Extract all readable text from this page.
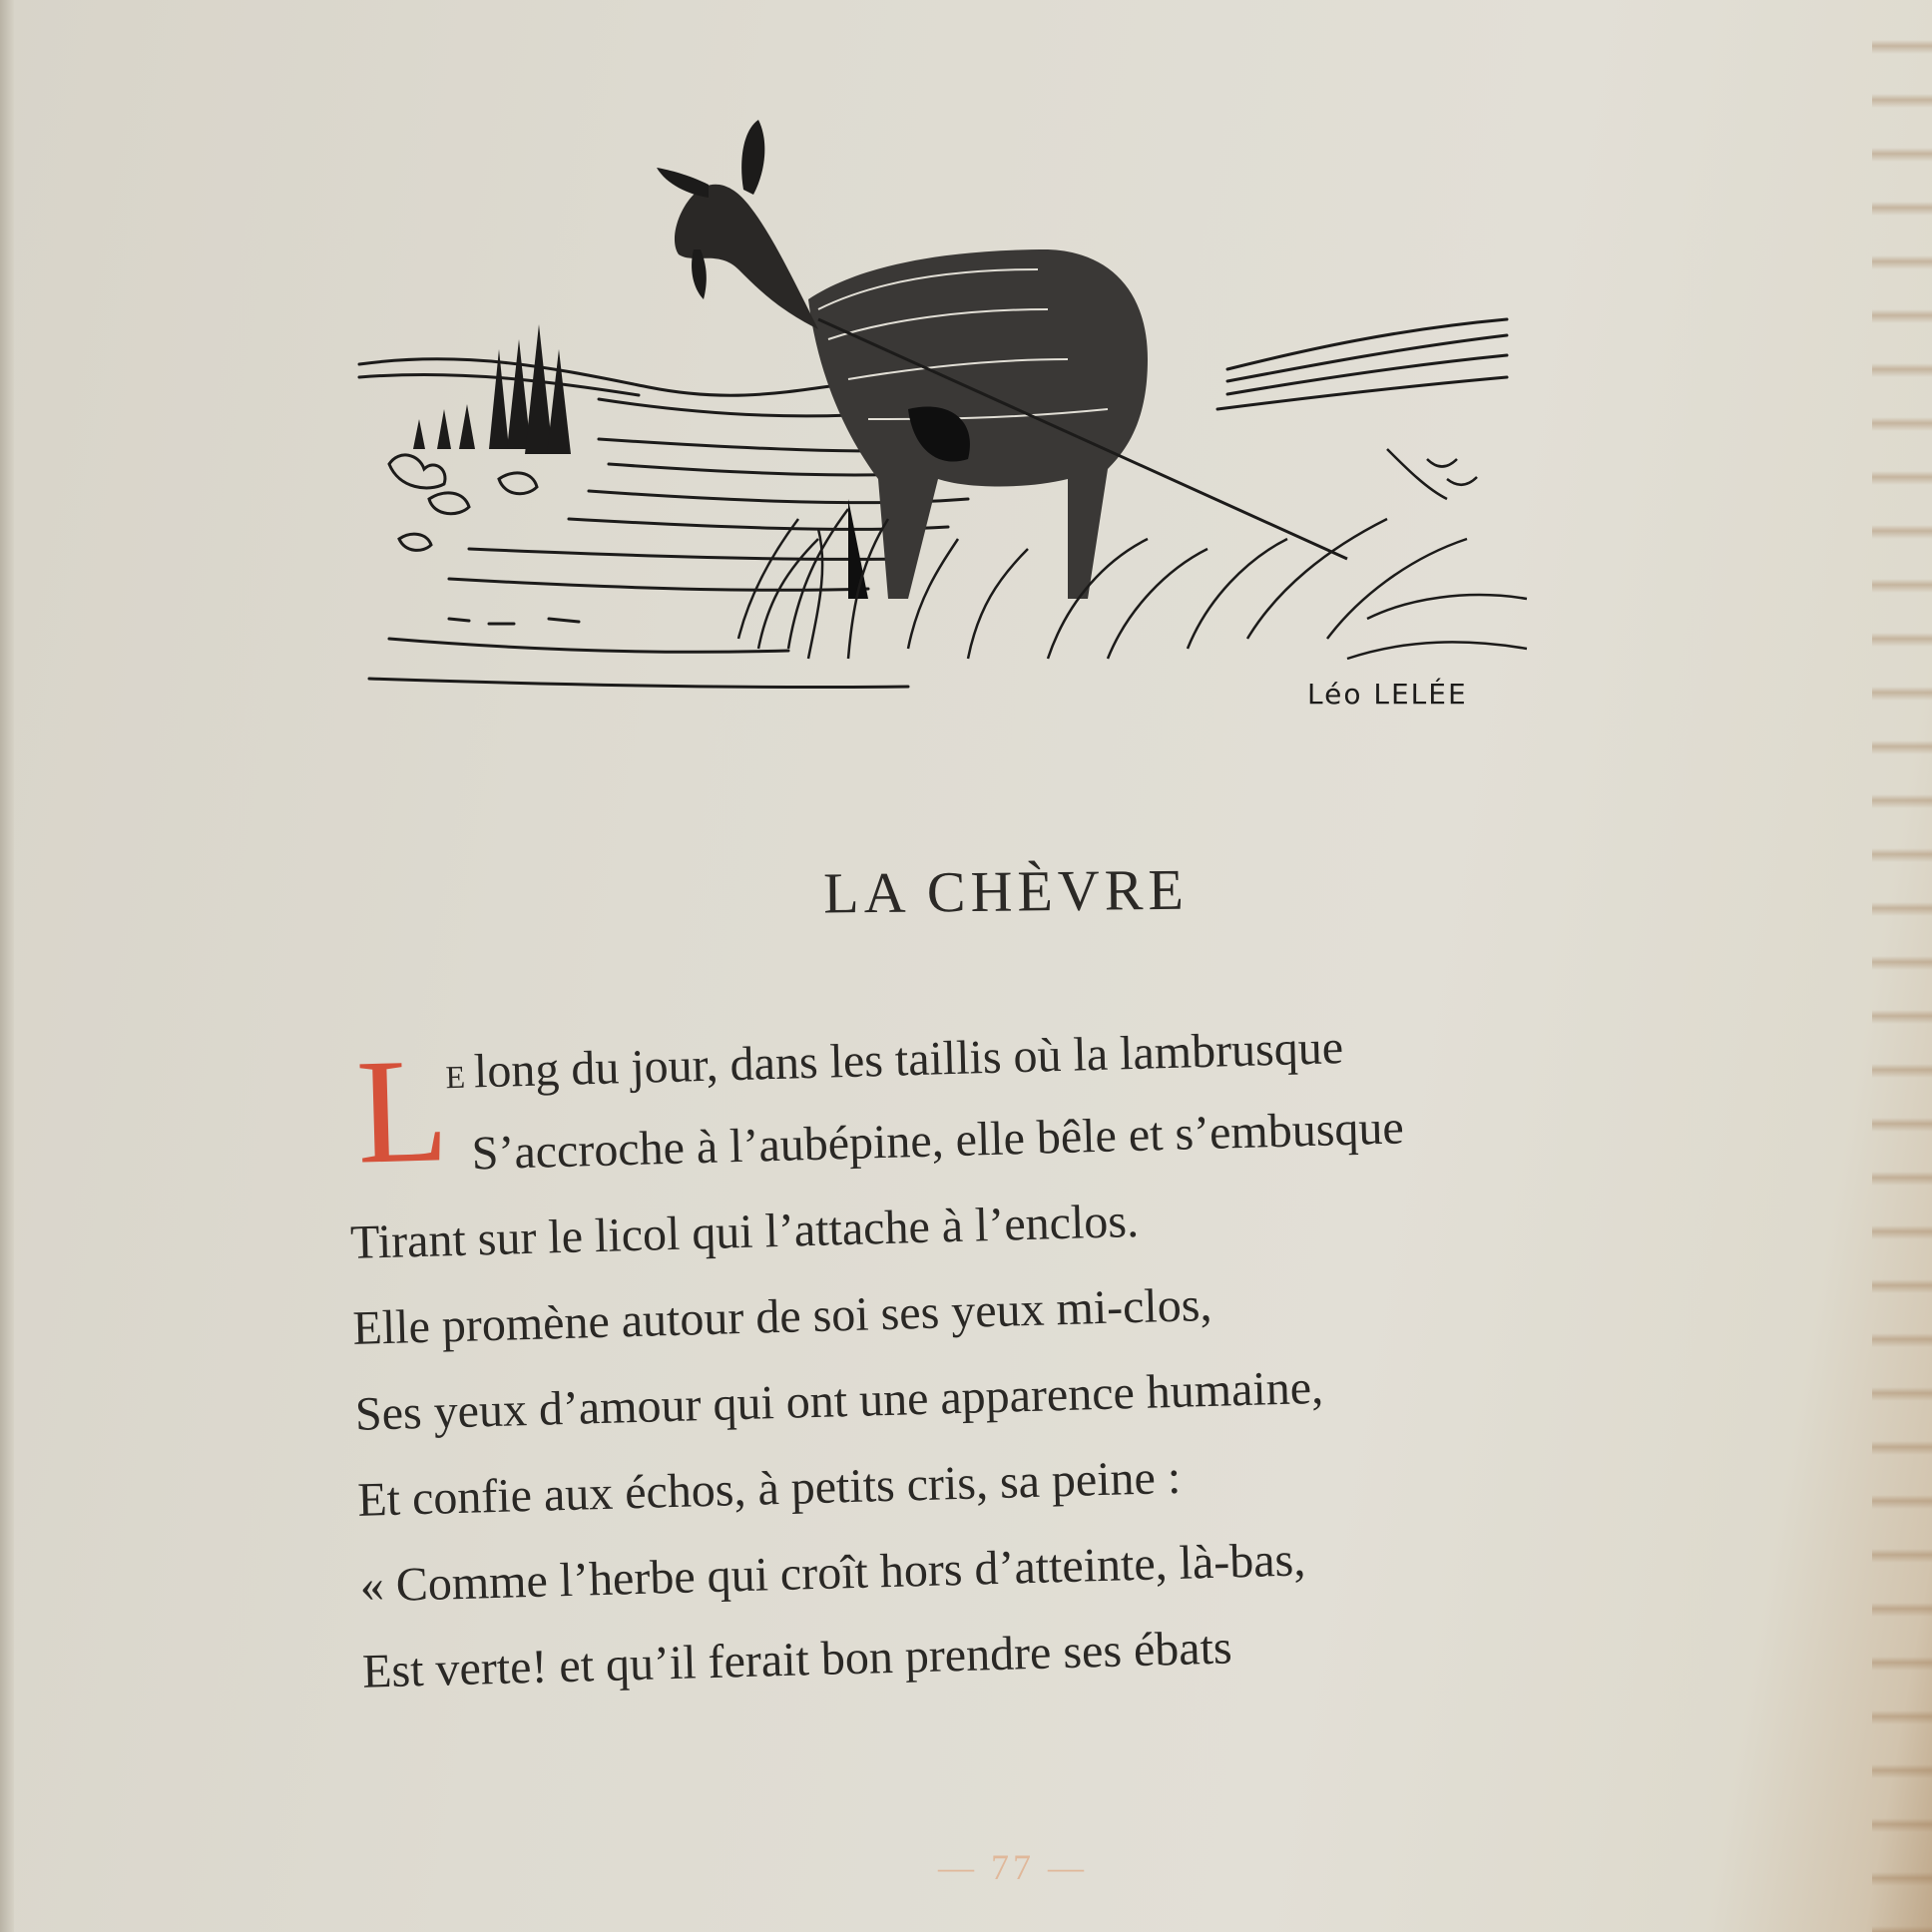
Léo LELÉE
LA CHÈVRE
L
E long du jour, dans les taillis où la lambrusque
S’accroche à l’aubépine, elle bêle et s’embusque
Tirant sur le licol qui l’attache à l’enclos.
Elle promène autour de soi ses yeux mi-clos,
Ses yeux d’amour qui ont une apparence humaine,
Et confie aux échos, à petits cris, sa peine :
« Comme l’herbe qui croît hors d’atteinte, là-bas,
Est verte! et qu’il ferait bon prendre ses ébats
— 77 —
